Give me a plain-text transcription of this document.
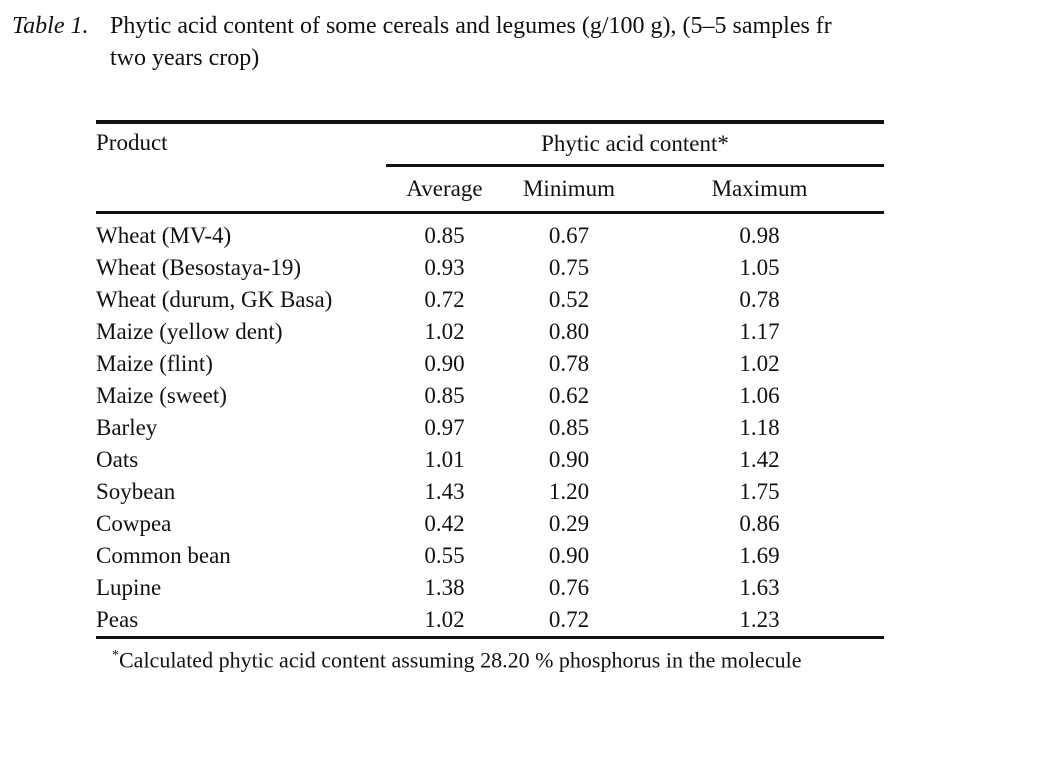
Table 1. Phytic acid content of some cereals and legumes (g/100 g), (5–5 samples fr
two years crop)
Product	Phytic acid content*		
	Average	Minimum	Maximum
Wheat (MV-4)	0.85	0.67	0.98
Wheat (Besostaya-19)	0.93	0.75	1.05
Wheat (durum, GK Basa)	0.72	0.52	0.78
Maize (yellow dent)	1.02	0.80	1.17
Maize (flint)	0.90	0.78	1.02
Maize (sweet)	0.85	0.62	1.06
Barley	0.97	0.85	1.18
Oats	1.01	0.90	1.42
Soybean	1.43	1.20	1.75
Cowpea	0.42	0.29	0.86
Common bean	0.55	0.90	1.69
Lupine	1.38	0.76	1.63
Peas	1.02	0.72	1.23
*Calculated phytic acid content assuming 28.20 % phosphorus in the molecule
